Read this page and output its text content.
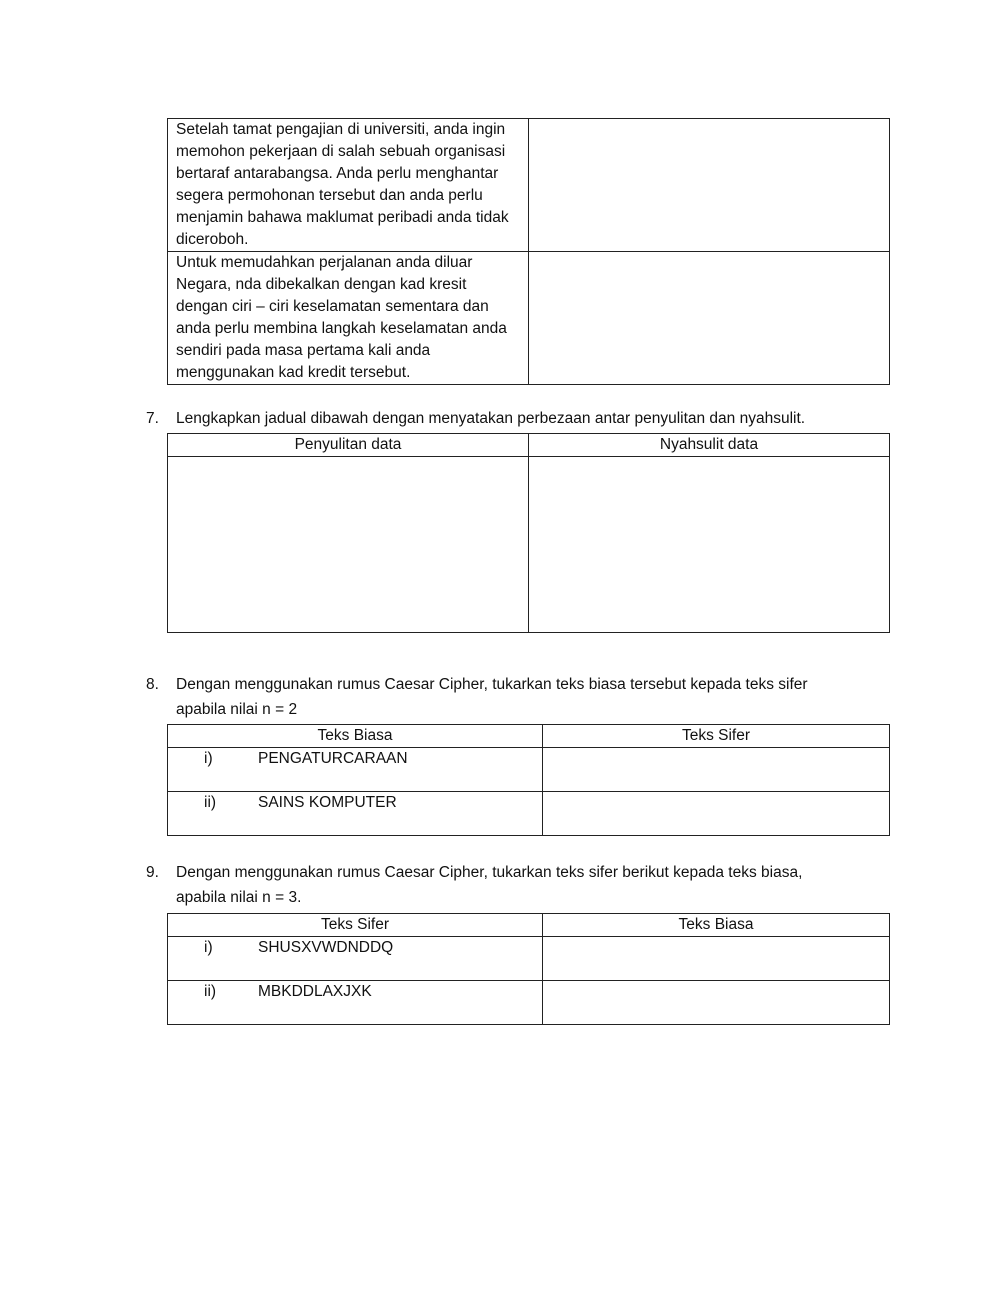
Setelah tamat pengajian di universiti, anda ingin memohon pekerjaan di salah sebuah organisasi bertaraf antarabangsa. Anda perlu menghantar segera permohonan tersebut dan anda perlu menjamin bahawa maklumat peribadi anda tidak diceroboh.	

Untuk memudahkan perjalanan anda diluar Negara, nda dibekalkan dengan kad kresit dengan ciri – ciri keselamatan sementara dan anda perlu membina langkah keselamatan anda sendiri pada masa pertama kali anda menggunakan kad kredit tersebut.	

7. Lengkapkan jadual dibawah dengan menyatakan perbezaan antar penyulitan dan nyahsulit.
Penyulitan data	Nyahsulit data

8. Dengan menggunakan rumus Caesar Cipher, tukarkan teks biasa tersebut kepada teks sifer
apabila nilai n = 2
Teks Biasa	Teks Sifer
i) PENGATURCARAAN	
ii) SAINS KOMPUTER	
9. Dengan menggunakan rumus Caesar Cipher, tukarkan teks sifer berikut kepada teks biasa,
apabila nilai n = 3.
Teks Sifer	Teks Biasa
i) SHUSXVWDNDDQ	
ii) MBKDDLAXJXK	
